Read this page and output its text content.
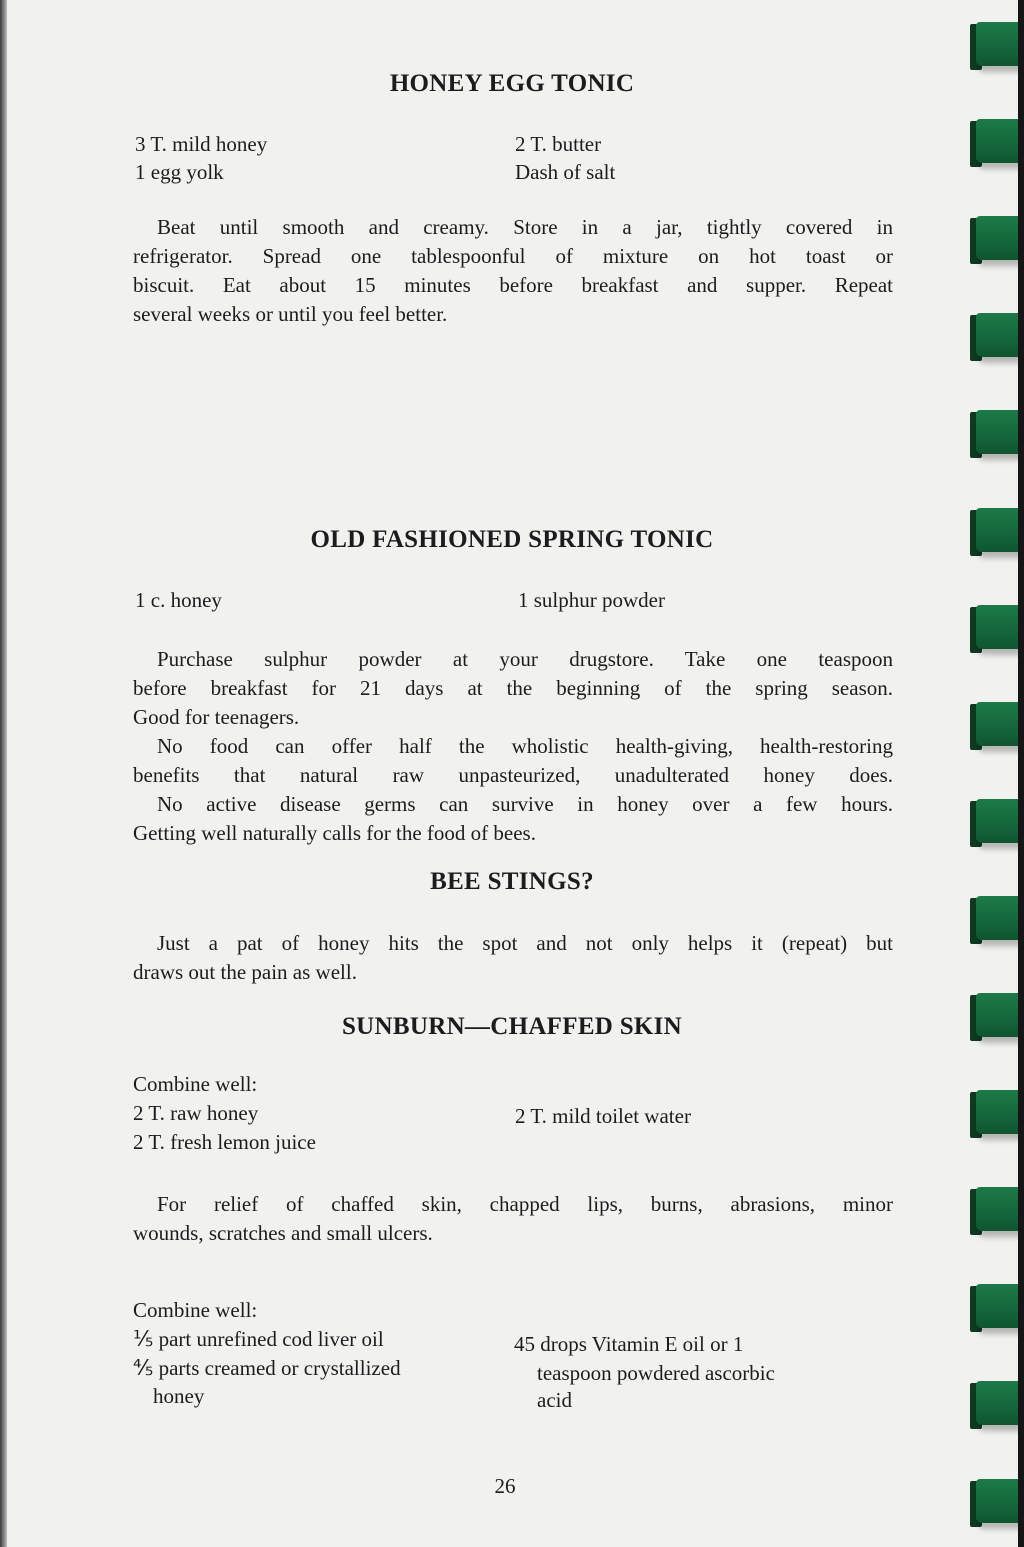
HONEY EGG TONIC
3 T. mild honey
1 egg yolk
2 T. butter
Dash of salt
Beat until smooth and creamy. Store in a jar, tightly covered in
refrigerator. Spread one tablespoonful of mixture on hot toast or
biscuit. Eat about 15 minutes before breakfast and supper. Repeat
several weeks or until you feel better.
OLD FASHIONED SPRING TONIC
1 c. honey	1 sulphur powder
Purchase sulphur powder at your drugstore. Take one teaspoon
before breakfast for 21 days at the beginning of the spring season.
Good for teenagers.
No food can offer half the wholistic health-giving, health-restoring
benefits that natural raw unpasteurized, unadulterated honey does.
No active disease germs can survive in honey over a few hours.
Getting well naturally calls for the food of bees.
BEE STINGS?
Just a pat of honey hits the spot and not only helps it (repeat) but
draws out the pain as well.
SUNBURN—CHAFFED SKIN
Combine well:
2 T. raw honey
2 T. fresh lemon juice
2 T. mild toilet water
For relief of chaffed skin, chapped lips, burns, abrasions, minor
wounds, scratches and small ulcers.
Combine well:
⅕ part unrefined cod liver oil
⅘ parts creamed or crystallized
honey
45 drops Vitamin E oil or 1
teaspoon powdered ascorbic
acid
26
